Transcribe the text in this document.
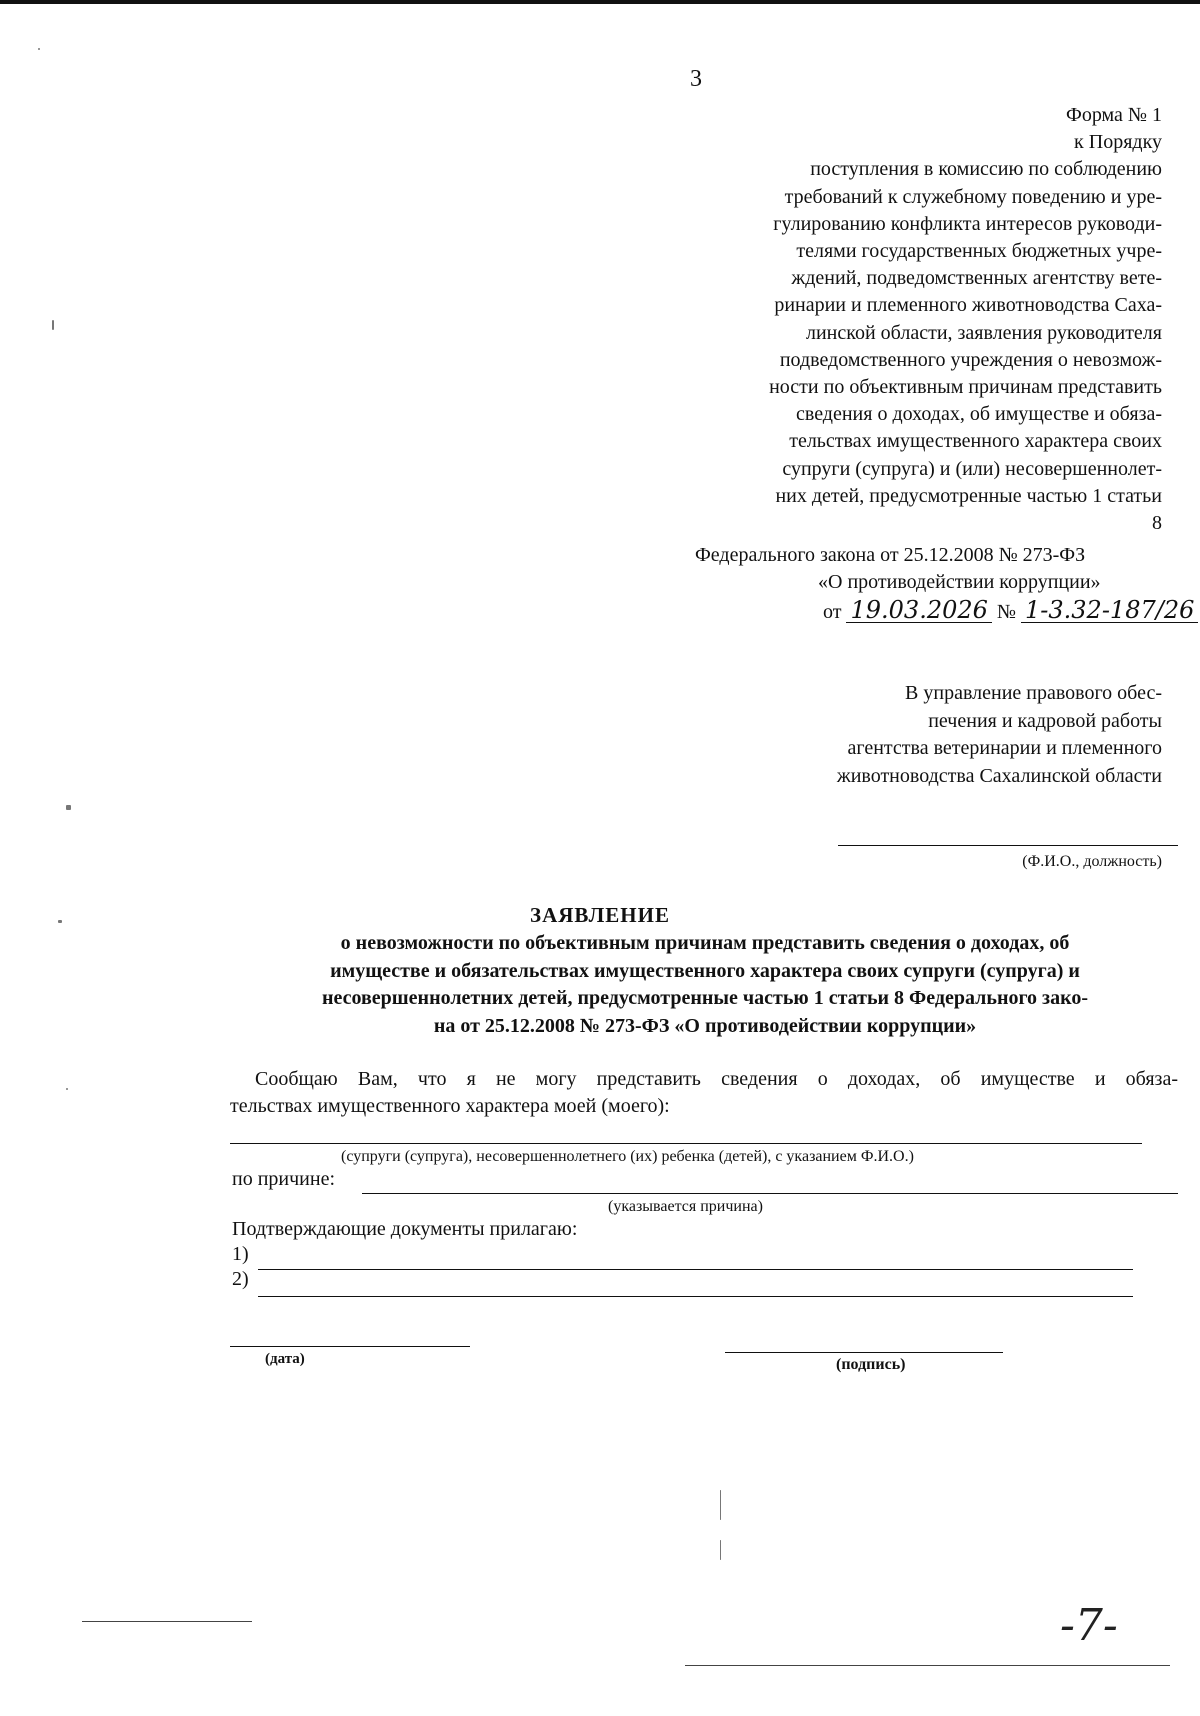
3
Форма № 1
к Порядку
поступления в комиссию по соблюдению
требований к служебному поведению и уре-
гулированию конфликта интересов руководи-
телями государственных бюджетных учре-
ждений, подведомственных агентству вете-
ринарии и племенного животноводства Саха-
линской области, заявления руководителя
подведомственного учреждения о невозмож-
ности по объективным причинам представить
сведения о доходах, об имуществе и обяза-
тельствах имущественного характера своих
супруги (супруга) и (или) несовершеннолет-
них детей, предусмотренные частью 1 статьи
8
Федерального закона от 25.12.2008 № 273-ФЗ
«О противодействии коррупции»
от 19.03.2026 № 1-3.32-187/26
В управление правового обес-
печения и кадровой работы
агентства ветеринарии и племенного
животноводства Сахалинской области
(Ф.И.О., должность)
ЗАЯВЛЕНИЕ
о невозможности по объективным причинам представить сведения о доходах, об
имуществе и обязательствах имущественного характера своих супруги (супруга) и
несовершеннолетних детей, предусмотренные частью 1 статьи 8 Федерального зако-
на от 25.12.2008 № 273-ФЗ «О противодействии коррупции»
Сообщаю Вам, что я не могу представить сведения о доходах, об имуществе и обяза-
тельствах имущественного характера моей (моего):
(супруги (супруга), несовершеннолетнего (их) ребенка (детей), с указанием Ф.И.О.)
по причине:
(указывается причина)
Подтверждающие документы прилагаю:
1)
2)
(дата)	(подпись)
-7-
